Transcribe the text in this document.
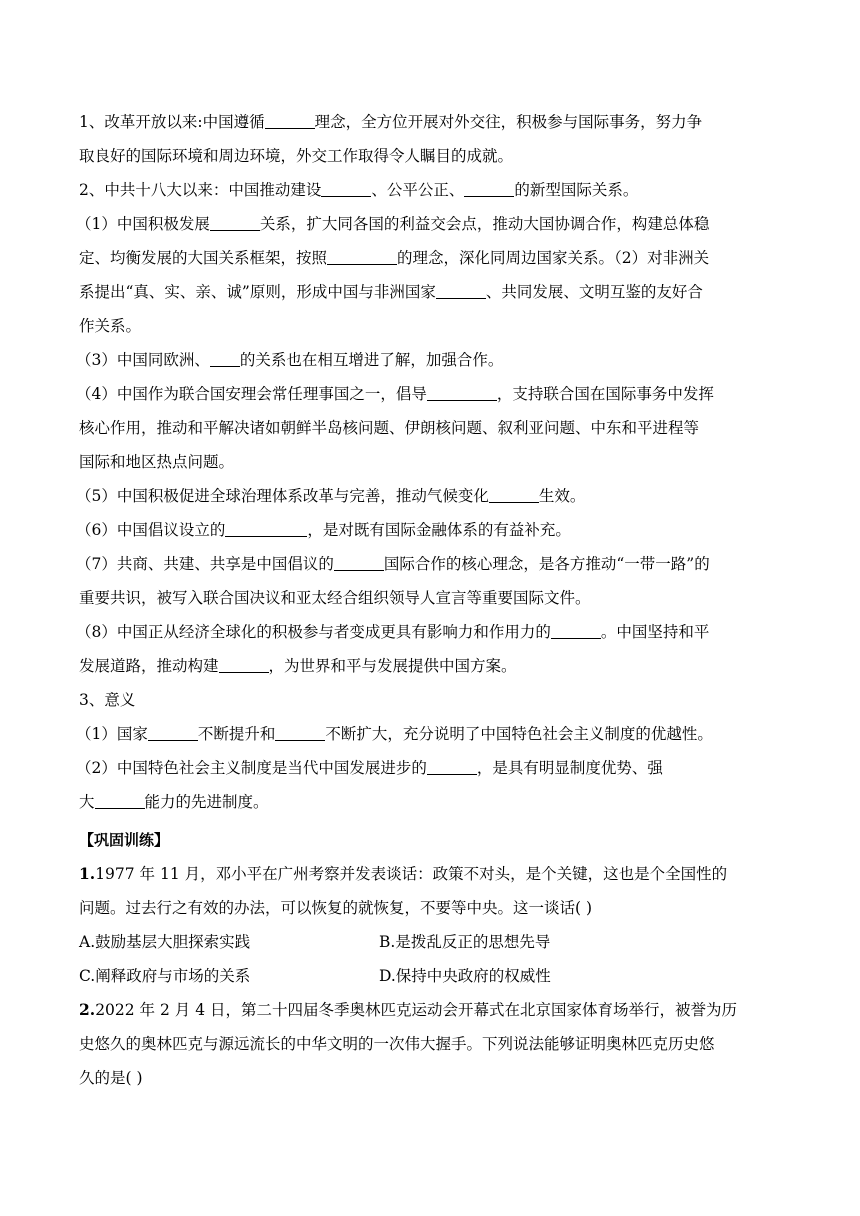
1、改革开放以来:中国遵循	理念，全方位开展对外交往，积极参与国际事务，努力争
取良好的国际环境和周边环境，外交工作取得令人瞩目的成就。
2、中共十八大以来：中国推动建设	、公平公正、	的新型国际关系。
（1）中国积极发展	关系，扩大同各国的利益交会点，推动大国协调合作，构建总体稳
定、均衡发展的大国关系框架，按照	的理念，深化同周边国家关系。（2）对非洲关
系提出“真、实、亲、诚”原则，形成中国与非洲国家	、共同发展、文明互鉴的友好合
作关系。
（3）中国同欧洲、 的关系也在相互增进了解，加强合作。
（4）中国作为联合国安理会常任理事国之一，倡导	，支持联合国在国际事务中发挥
核心作用，推动和平解决诸如朝鲜半岛核问题、伊朗核问题、叙利亚问题、中东和平进程等
国际和地区热点问题。
（5）中国积极促进全球治理体系改革与完善，推动气候变化	生效。
（6）中国倡议设立的	，是对既有国际金融体系的有益补充。
（7）共商、共建、共享是中国倡议的	国际合作的核心理念，是各方推动“一带一路”的
重要共识，被写入联合国决议和亚太经合组织领导人宣言等重要国际文件。
（8）中国正从经济全球化的积极参与者变成更具有影响力和作用力的	。中国坚持和平
发展道路，推动构建	，为世界和平与发展提供中国方案。
3、意义
（1）国家	不断提升和	不断扩大，充分说明了中国特色社会主义制度的优越性。
（2）中国特色社会主义制度是当代中国发展进步的	，是具有明显制度优势、强
大	能力的先进制度。
【巩固训练】
1.1977 年 11 月，邓小平在广州考察并发表谈话：政策不对头，是个关键，这也是个全国性的
问题。过去行之有效的办法，可以恢复的就恢复，不要等中央。这一谈话( )
A.鼓励基层大胆探索实践	B.是拨乱反正的思想先导
C.阐释政府与市场的关系	D.保持中央政府的权威性
2.2022 年 2 月 4 日，第二十四届冬季奥林匹克运动会开幕式在北京国家体育场举行，被誉为历
史悠久的奥林匹克与源远流长的中华文明的一次伟大握手。下列说法能够证明奥林匹克历史悠
久的是( )
